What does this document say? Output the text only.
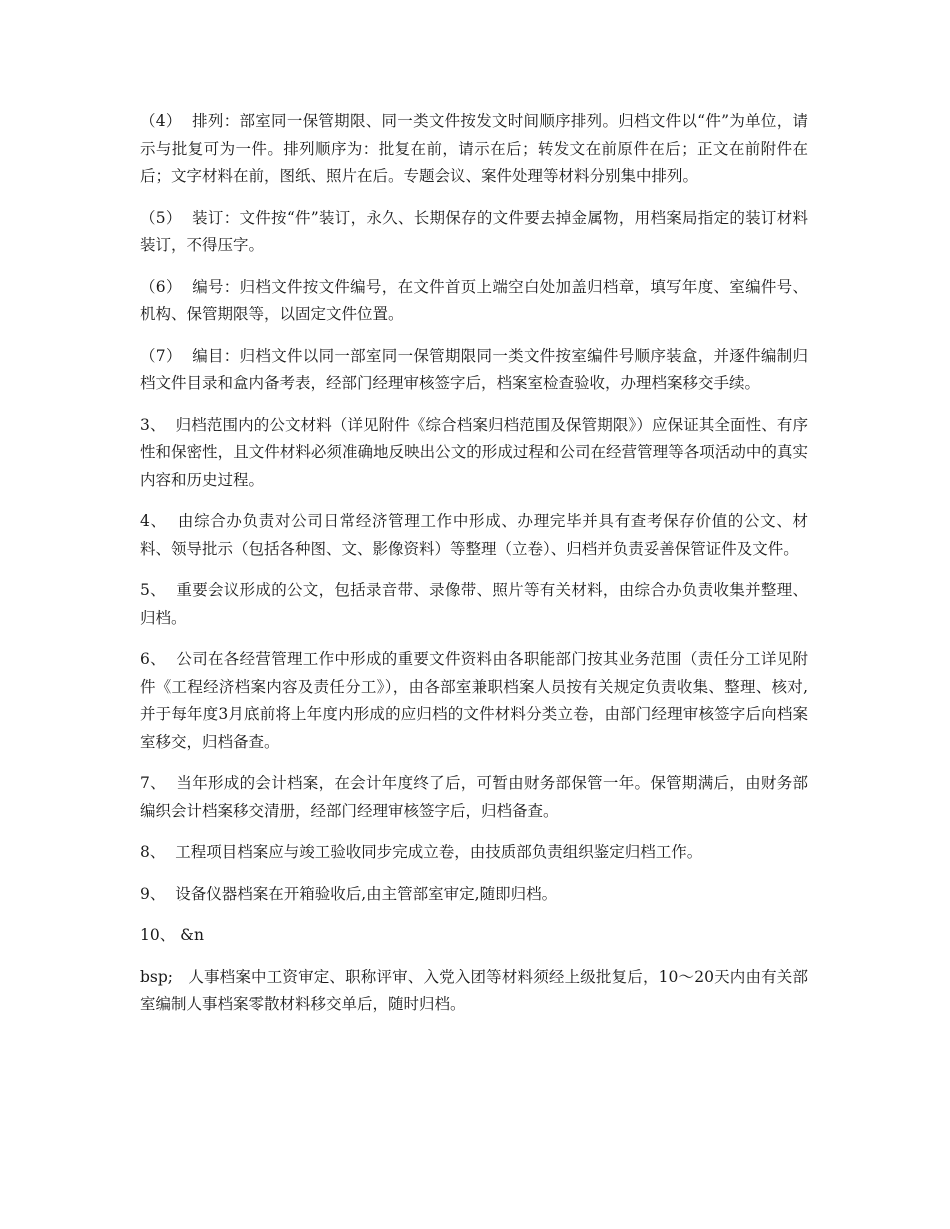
（4）  排列：部室同一保管期限、同一类文件按发文时间顺序排列。归档文件以“件”为单位，请示与批复可为一件。排列顺序为：批复在前，请示在后；转发文在前原件在后；正文在前附件在后；文字材料在前，图纸、照片在后。专题会议、案件处理等材料分别集中排列。

（5）  装订：文件按“件”装订，永久、长期保存的文件要去掉金属物，用档案局指定的装订材料装订，不得压字。

（6）  编号：归档文件按文件编号，在文件首页上端空白处加盖归档章，填写年度、室编件号、机构、保管期限等，以固定文件位置。

（7）  编目：归档文件以同一部室同一保管期限同一类文件按室编件号顺序装盒，并逐件编制归档文件目录和盒内备考表，经部门经理审核签字后，档案室检查验收，办理档案移交手续。

3、  归档范围内的公文材料（详见附件《综合档案归档范围及保管期限》）应保证其全面性、有序性和保密性，且文件材料必须准确地反映出公文的形成过程和公司在经营管理等各项活动中的真实内容和历史过程。

4、  由综合办负责对公司日常经济管理工作中形成、办理完毕并具有查考保存价值的公文、材料、领导批示（包括各种图、文、影像资料）等整理（立卷）、归档并负责妥善保管证件及文件。

5、  重要会议形成的公文，包括录音带、录像带、照片等有关材料，由综合办负责收集并整理、归档。

6、  公司在各经营管理工作中形成的重要文件资料由各职能部门按其业务范围（责任分工详见附件《工程经济档案内容及责任分工》），由各部室兼职档案人员按有关规定负责收集、整理、核对,并于每年度3月底前将上年度内形成的应归档的文件材料分类立卷，由部门经理审核签字后向档案室移交，归档备查。

7、  当年形成的会计档案，在会计年度终了后，可暂由财务部保管一年。保管期满后，由财务部编织会计档案移交清册，经部门经理审核签字后，归档备查。

8、  工程项目档案应与竣工验收同步完成立卷，由技质部负责组织鉴定归档工作。

9、  设备仪器档案在开箱验收后,由主管部室审定,随即归档。

10、 &n

bsp;   人事档案中工资审定、职称评审、入党入团等材料须经上级批复后，10～20天内由有关部室编制人事档案零散材料移交单后，随时归档。
